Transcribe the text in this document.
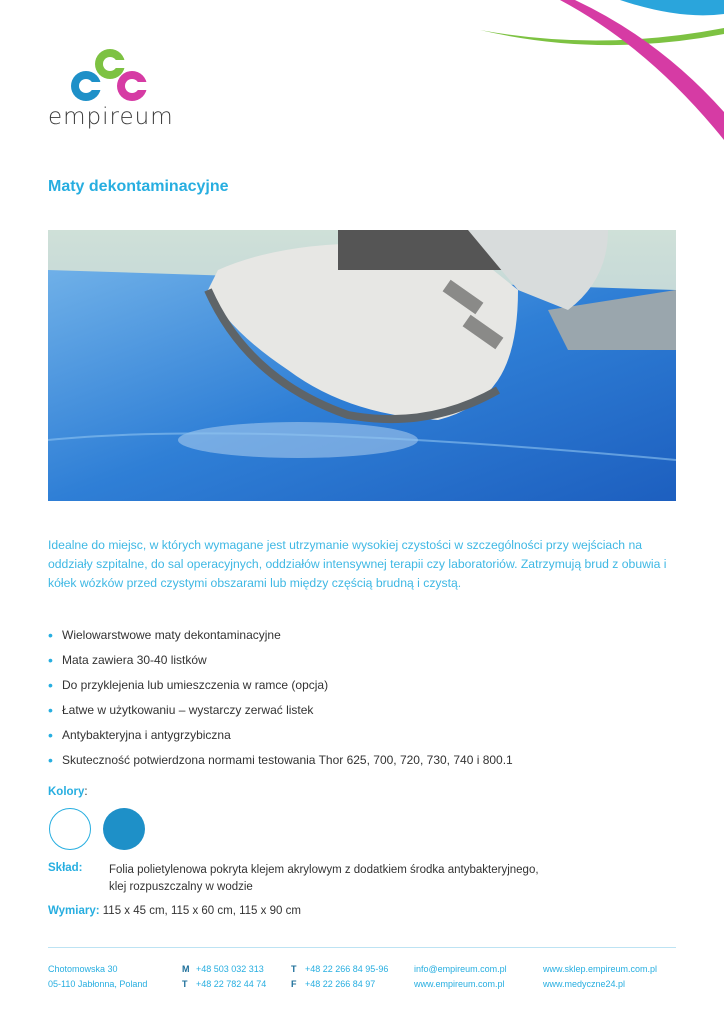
empireum
Maty dekontaminacyjne

Idealne do miejsc, w których wymagane jest utrzymanie wysokiej czystości w szczególności przy wejściach na oddziały szpitalne, do sal operacyjnych, oddziałów intensywnej terapii czy laboratoriów. Zatrzymują brud z obuwia i kółek wózków przed czystymi obszarami lub między częścią brudną i czystą.

• Wielowarstwowe maty dekontaminacyjne
• Mata zawiera 30-40 listków
• Do przyklejenia lub umieszczenia w ramce (opcja)
• Łatwe w użytkowaniu – wystarczy zerwać listek
• Antybakteryjna i antygrzybiczna
• Skuteczność potwierdzona normami testowania Thor 625, 700, 720, 730, 740 i 800.1
Kolory:
Skład: Folia polietylenowa pokryta klejem akrylowym z dodatkiem środka antybakteryjnego,
klej rozpuszczalny w wodzie
Wymiary: 115 x 45 cm, 115 x 60 cm, 115 x 90 cm
Chotomowska 30
05-110 Jabłonna, Poland
M +48 503 032 313
T +48 22 782 44 74
T +48 22 266 84 95-96
F +48 22 266 84 97
info@empireum.com.pl
www.empireum.com.pl
www.sklep.empireum.com.pl
www.medyczne24.pl
